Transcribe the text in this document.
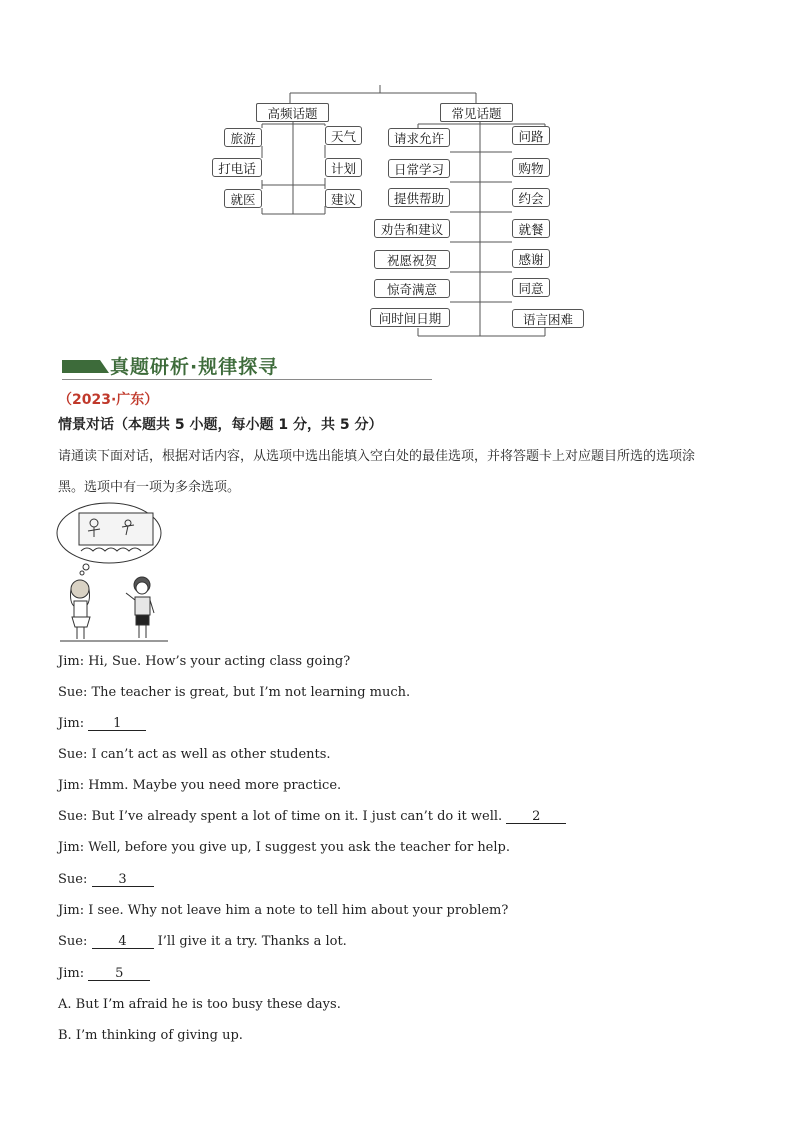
高频话题	常见话题
旅游
打电话
就医
天气
计划
建议
请求允许
日常学习
提供帮助
劝告和建议
祝愿祝贺
惊奇满意
问时间日期
问路
购物
约会
就餐
感谢
同意
语言困难
真题研析·规律探寻
（2023·广东）
情景对话（本题共 5 小题，每小题 1 分，共 5 分）
请通读下面对话，根据对话内容，从选项中选出能填入空白处的最佳选项，并将答题卡上对应题目所选的选项涂
黑。选项中有一项为多余选项。
Jim: Hi, Sue. How’s your acting class going?
Sue: The teacher is great, but I’m not learning much.
Jim: 1
Sue: I can’t act as well as other students.
Jim: Hmm. Maybe you need more practice.
Sue: But I’ve already spent a lot of time on it. I just can’t do it well. 2
Jim: Well, before you give up, I suggest you ask the teacher for help.
Sue: 3
Jim: I see. Why not leave him a note to tell him about your problem?
Sue: 4 I’ll give it a try. Thanks a lot.
Jim: 5
A. But I’m afraid he is too busy these days.
B. I’m thinking of giving up.
